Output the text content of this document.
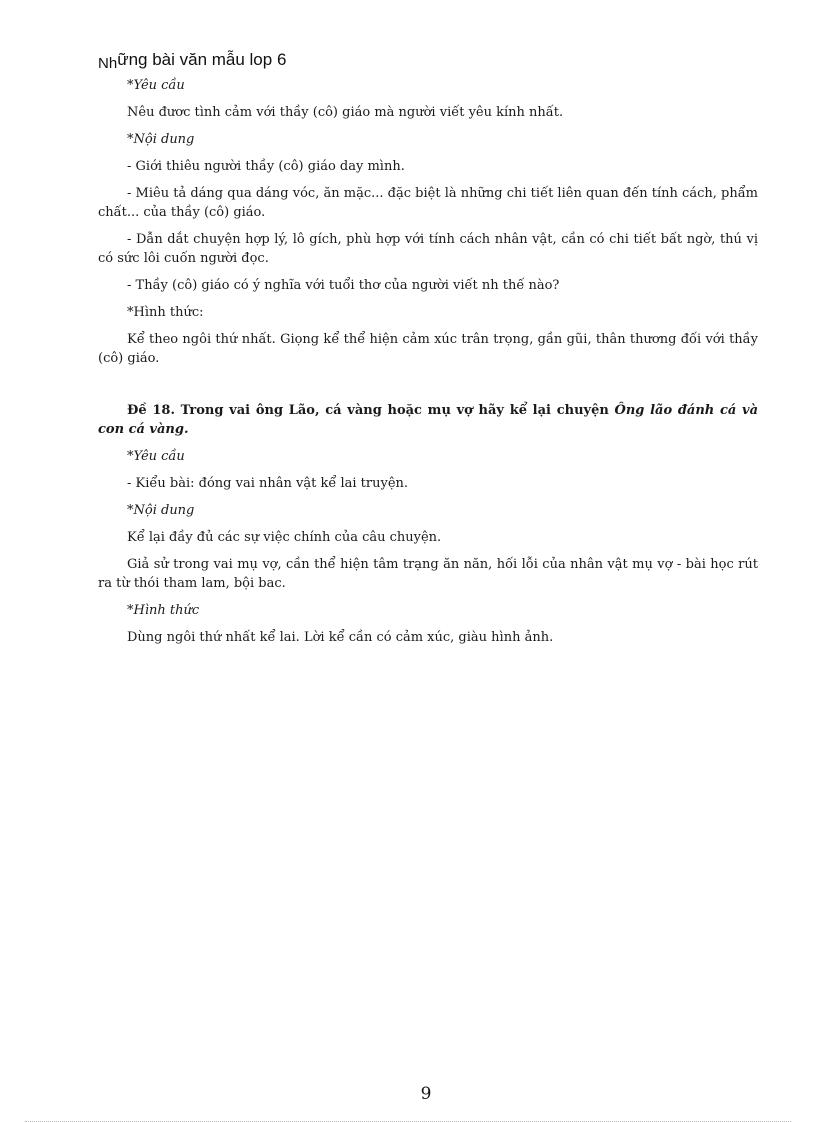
Những bài văn mẫu lop 6

*Yêu cầu

Nêu đươc tình cảm với thầy (cô) giáo mà người viết yêu kính nhất.

*Nội dung

- Giới thiêu người thầy (cô) giáo day mình.

- Miêu tả dáng qua dáng vóc, ăn mặc... đặc biệt là những chi tiết liên quan đến tính cách, phẩm chất... của thầy (cô) giáo.

- Dẫn dắt chuyện hợp lý, lô gích, phù hợp với tính cách nhân vật, cần có chi tiết bất ngờ, thú vị có sức lôi cuốn người đọc.

- Thầy (cô) giáo có ý nghĩa với tuổi thơ của người viết nh thế nào?

*Hình thức:

Kể theo ngôi thứ nhất. Giọng kể thể hiện cảm xúc trân trọng, gần gũi, thân thương đối với thầy (cô) giáo.

Đề 18. Trong vai ông Lão, cá vàng hoặc mụ vợ hãy kể lại chuyện Ông lão đánh cá và con cá vàng.

*Yêu cầu

- Kiểu bài: đóng vai nhân vật kể lai truyện.

*Nội dung

Kể lại đầy đủ các sự việc chính của câu chuyện.

Giả sử trong vai mụ vợ, cần thể hiện tâm trạng ăn năn, hối lỗi của nhân vật mụ vợ - bài học rút ra từ thói tham lam, bội bac.

*Hình thức

Dùng ngôi thứ nhất kể lai. Lời kể cần có cảm xúc, giàu hình ảnh.

9
